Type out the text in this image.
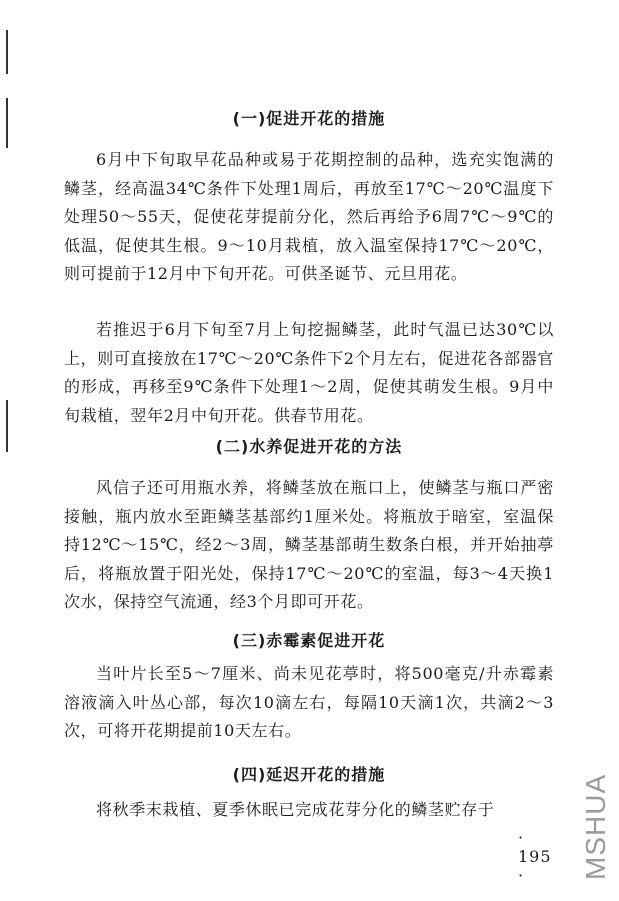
(一)促进开花的措施

6月中下旬取早花品种或易于花期控制的品种，选充实饱满的鳞茎，经高温34℃条件下处理1周后，再放至17℃～20℃温度下处理50～55天，促使花芽提前分化，然后再给予6周7℃～9℃的低温，促使其生根。9～10月栽植，放入温室保持17℃～20℃，则可提前于12月中下旬开花。可供圣诞节、元旦用花。

若推迟于6月下旬至7月上旬挖掘鳞茎，此时气温已达30℃以上，则可直接放在17℃～20℃条件下2个月左右，促进花各部器官的形成，再移至9℃条件下处理1～2周，促使其萌发生根。9月中旬栽植，翌年2月中旬开花。供春节用花。

(二)水养促进开花的方法

风信子还可用瓶水养，将鳞茎放在瓶口上，使鳞茎与瓶口严密接触，瓶内放水至距鳞茎基部约1厘米处。将瓶放于暗室，室温保持12℃～15℃，经2～3周，鳞茎基部萌生数条白根，并开始抽葶后，将瓶放置于阳光处，保持17℃～20℃的室温，每3～4天换1次水，保持空气流通，经3个月即可开花。

(三)赤霉素促进开花

当叶片长至5～7厘米、尚未见花葶时，将500毫克/升赤霉素溶液滴入叶丛心部，每次10滴左右，每隔10天滴1次，共滴2～3次，可将开花期提前10天左右。

(四)延迟开花的措施

将秋季末栽植、夏季休眠已完成花芽分化的鳞茎贮存于

· 195 ·	MSHUA
